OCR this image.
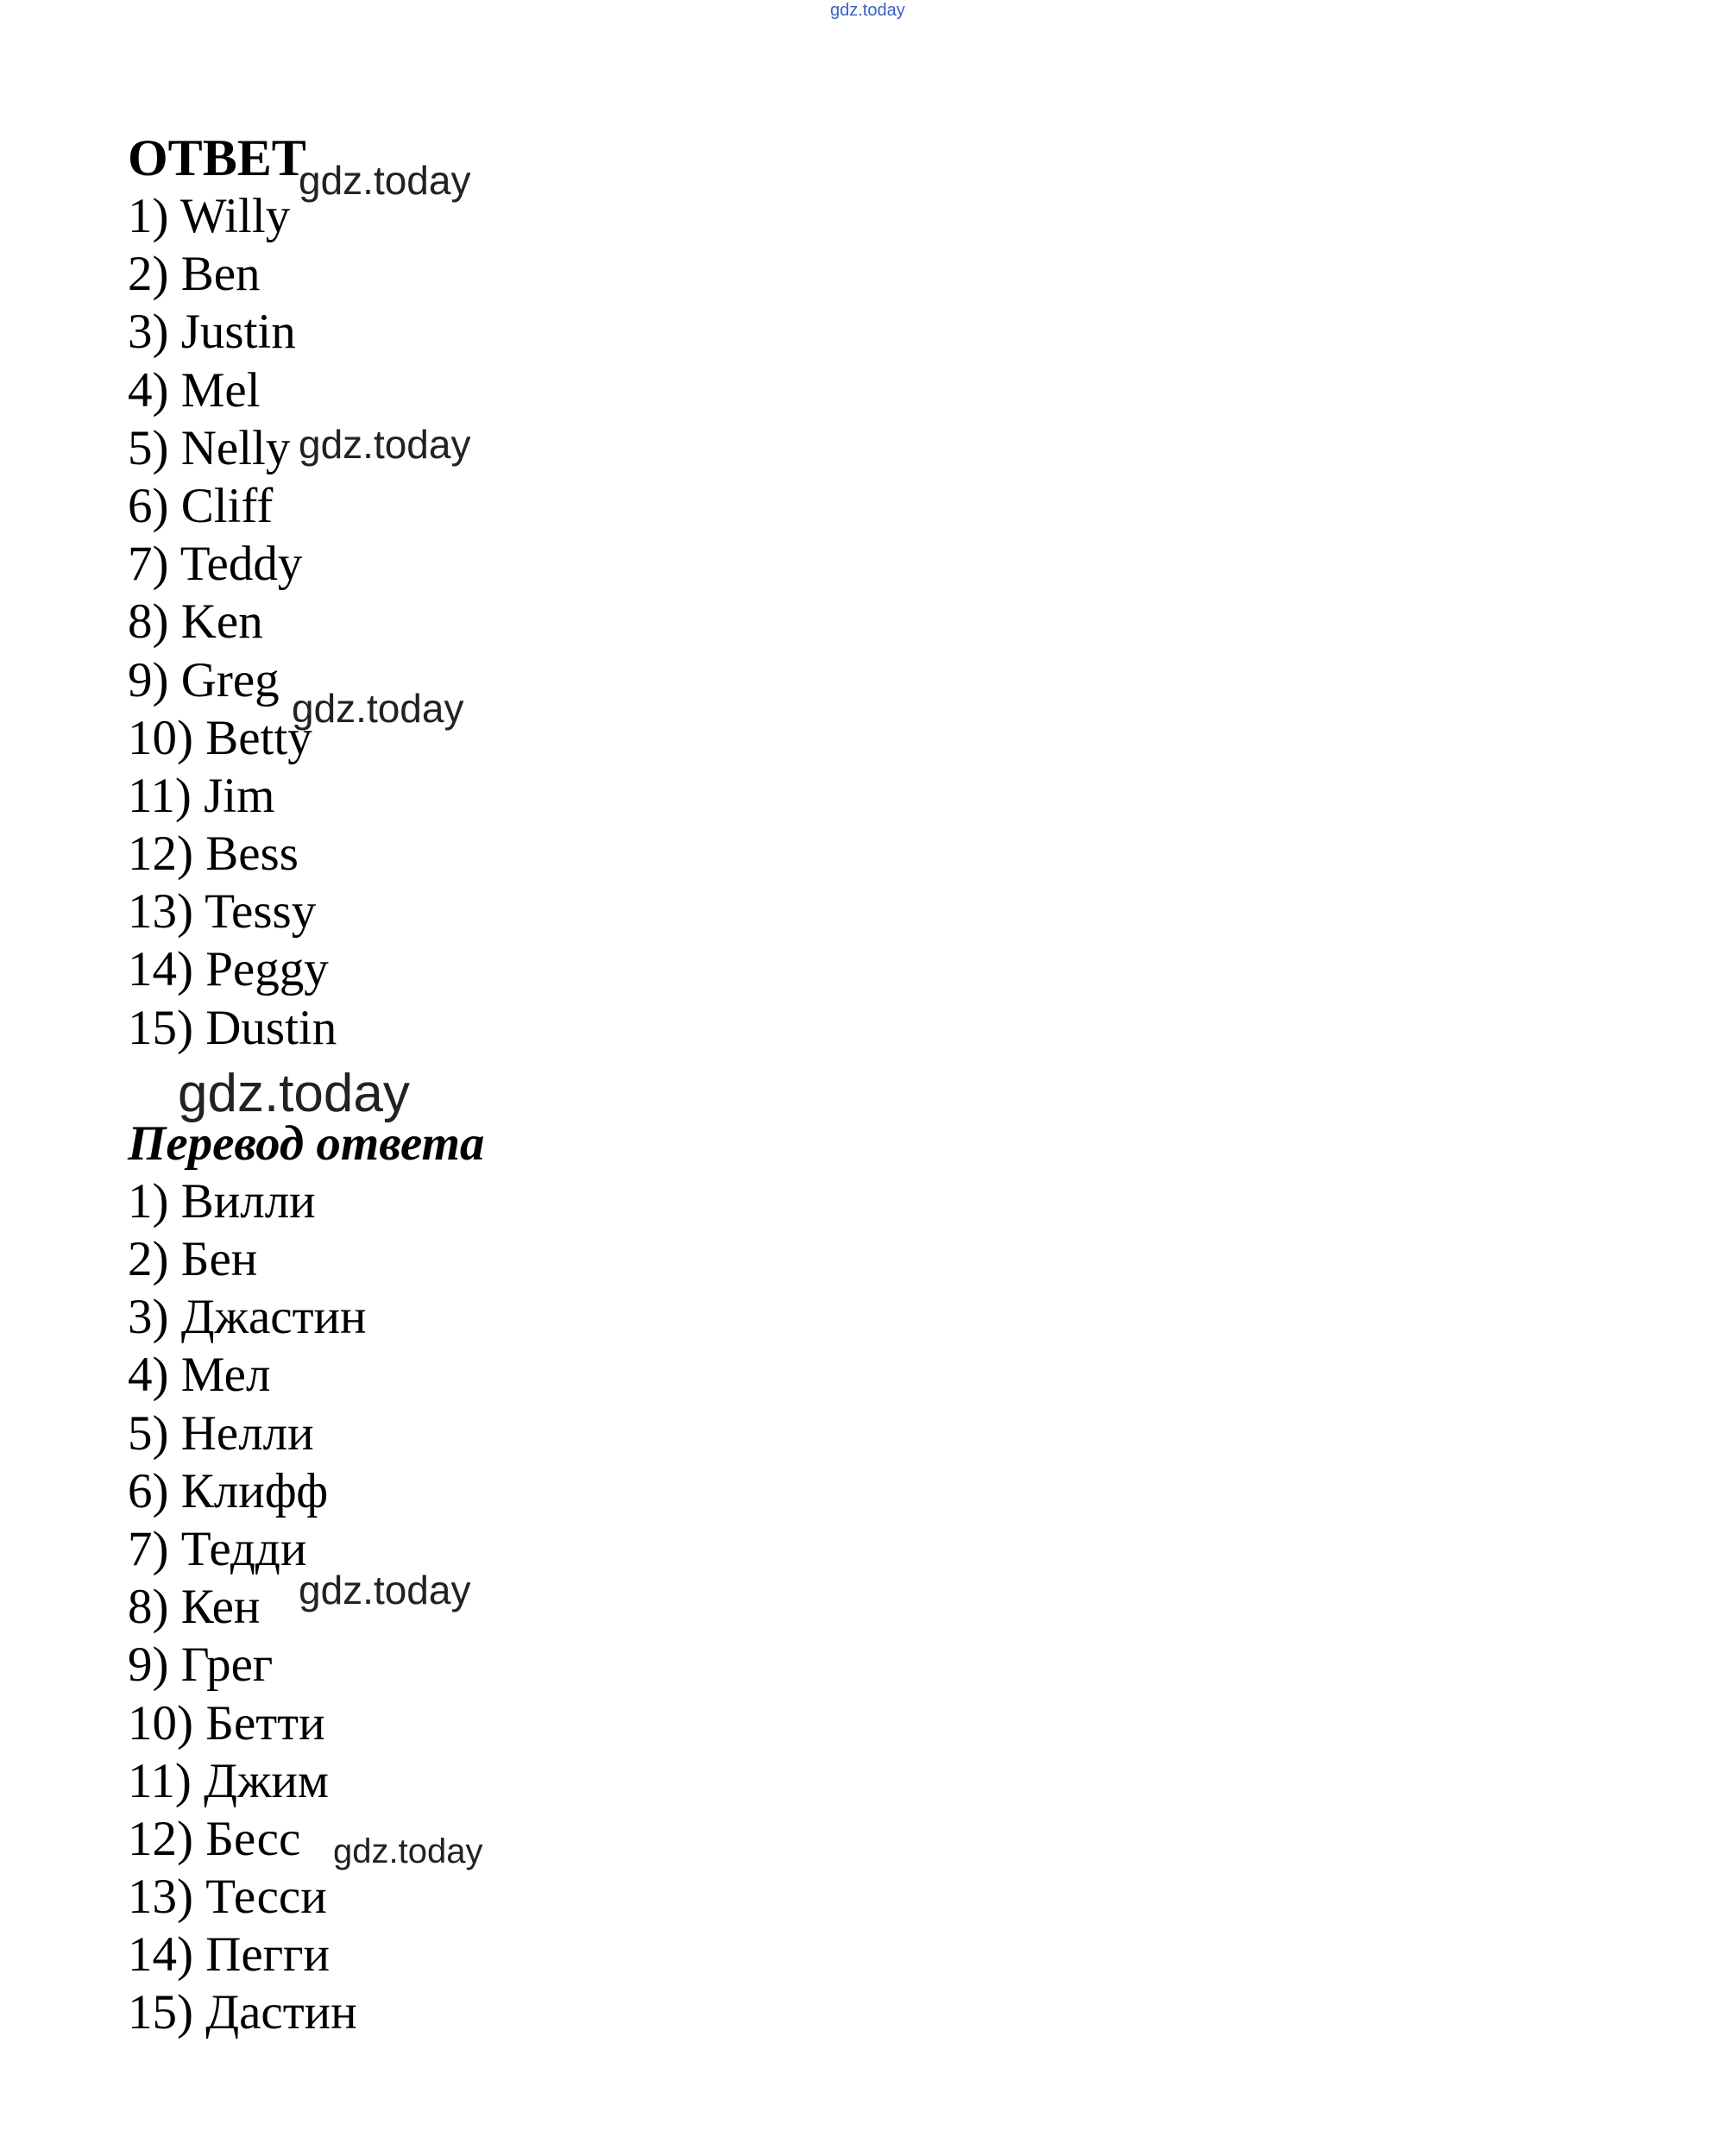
gdz.today
ОТВЕТ
1) Willy
2) Ben
3) Justin
4) Mel
5) Nelly
6) Cliff
7) Teddy
8) Ken
9) Greg
10) Betty
11) Jim
12) Bess
13) Tessy
14) Peggy
15) Dustin
Перевод ответа
1) Вилли
2) Бен
3) Джастин
4) Мел
5) Нелли
6) Клифф
7) Тедди
8) Кен
9) Грег
10) Бетти
11) Джим
12) Бесс
13) Тесси
14) Пегги
15) Дастин
gdz.today
gdz.today
gdz.today
gdz.today
gdz.today
gdz.today
